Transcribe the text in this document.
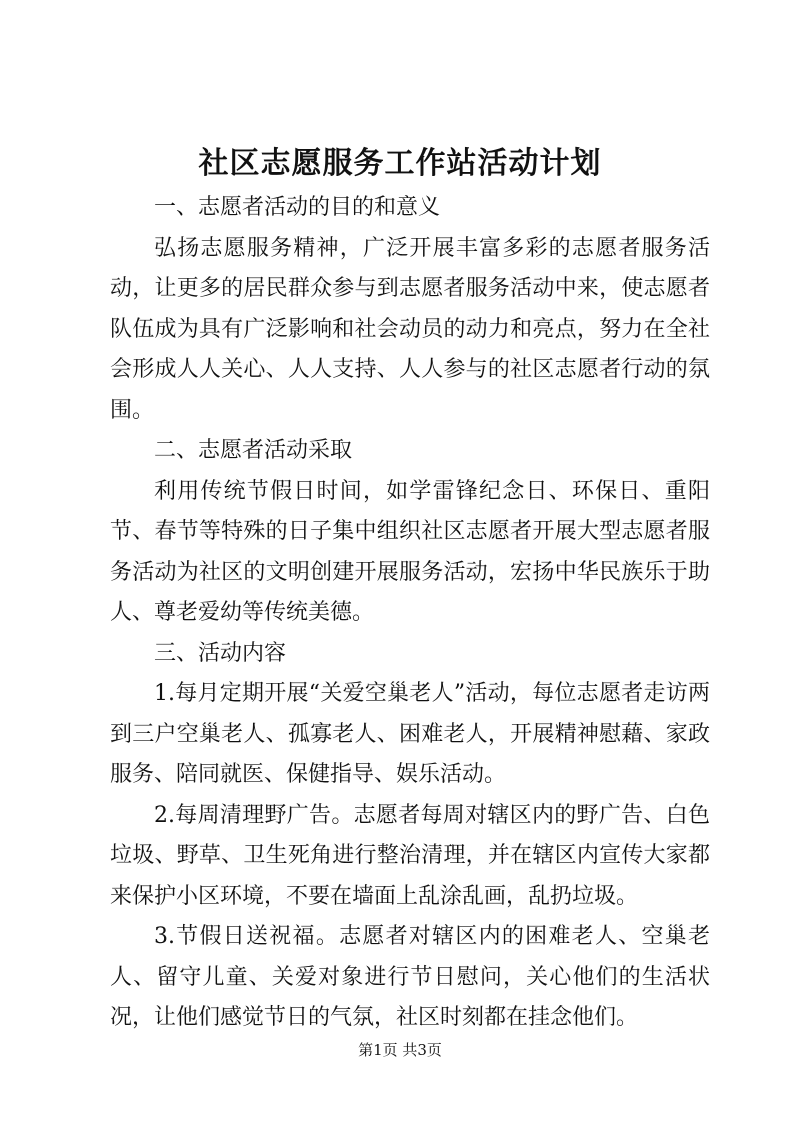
社区志愿服务工作站活动计划

一、志愿者活动的目的和意义

弘扬志愿服务精神，广泛开展丰富多彩的志愿者服务活动，让更多的居民群众参与到志愿者服务活动中来，使志愿者队伍成为具有广泛影响和社会动员的动力和亮点，努力在全社会形成人人关心、人人支持、人人参与的社区志愿者行动的氛围。

二、志愿者活动采取

利用传统节假日时间，如学雷锋纪念日、环保日、重阳节、春节等特殊的日子集中组织社区志愿者开展大型志愿者服务活动为社区的文明创建开展服务活动，宏扬中华民族乐于助人、尊老爱幼等传统美德。

三、活动内容

1.每月定期开展“关爱空巢老人”活动，每位志愿者走访两到三户空巢老人、孤寡老人、困难老人，开展精神慰藉、家政服务、陪同就医、保健指导、娱乐活动。

2.每周清理野广告。志愿者每周对辖区内的野广告、白色垃圾、野草、卫生死角进行整治清理，并在辖区内宣传大家都来保护小区环境，不要在墙面上乱涂乱画，乱扔垃圾。

3.节假日送祝福。志愿者对辖区内的困难老人、空巢老人、留守儿童、关爱对象进行节日慰问，关心他们的生活状况，让他们感觉节日的气氛，社区时刻都在挂念他们。

第1页 共3页
